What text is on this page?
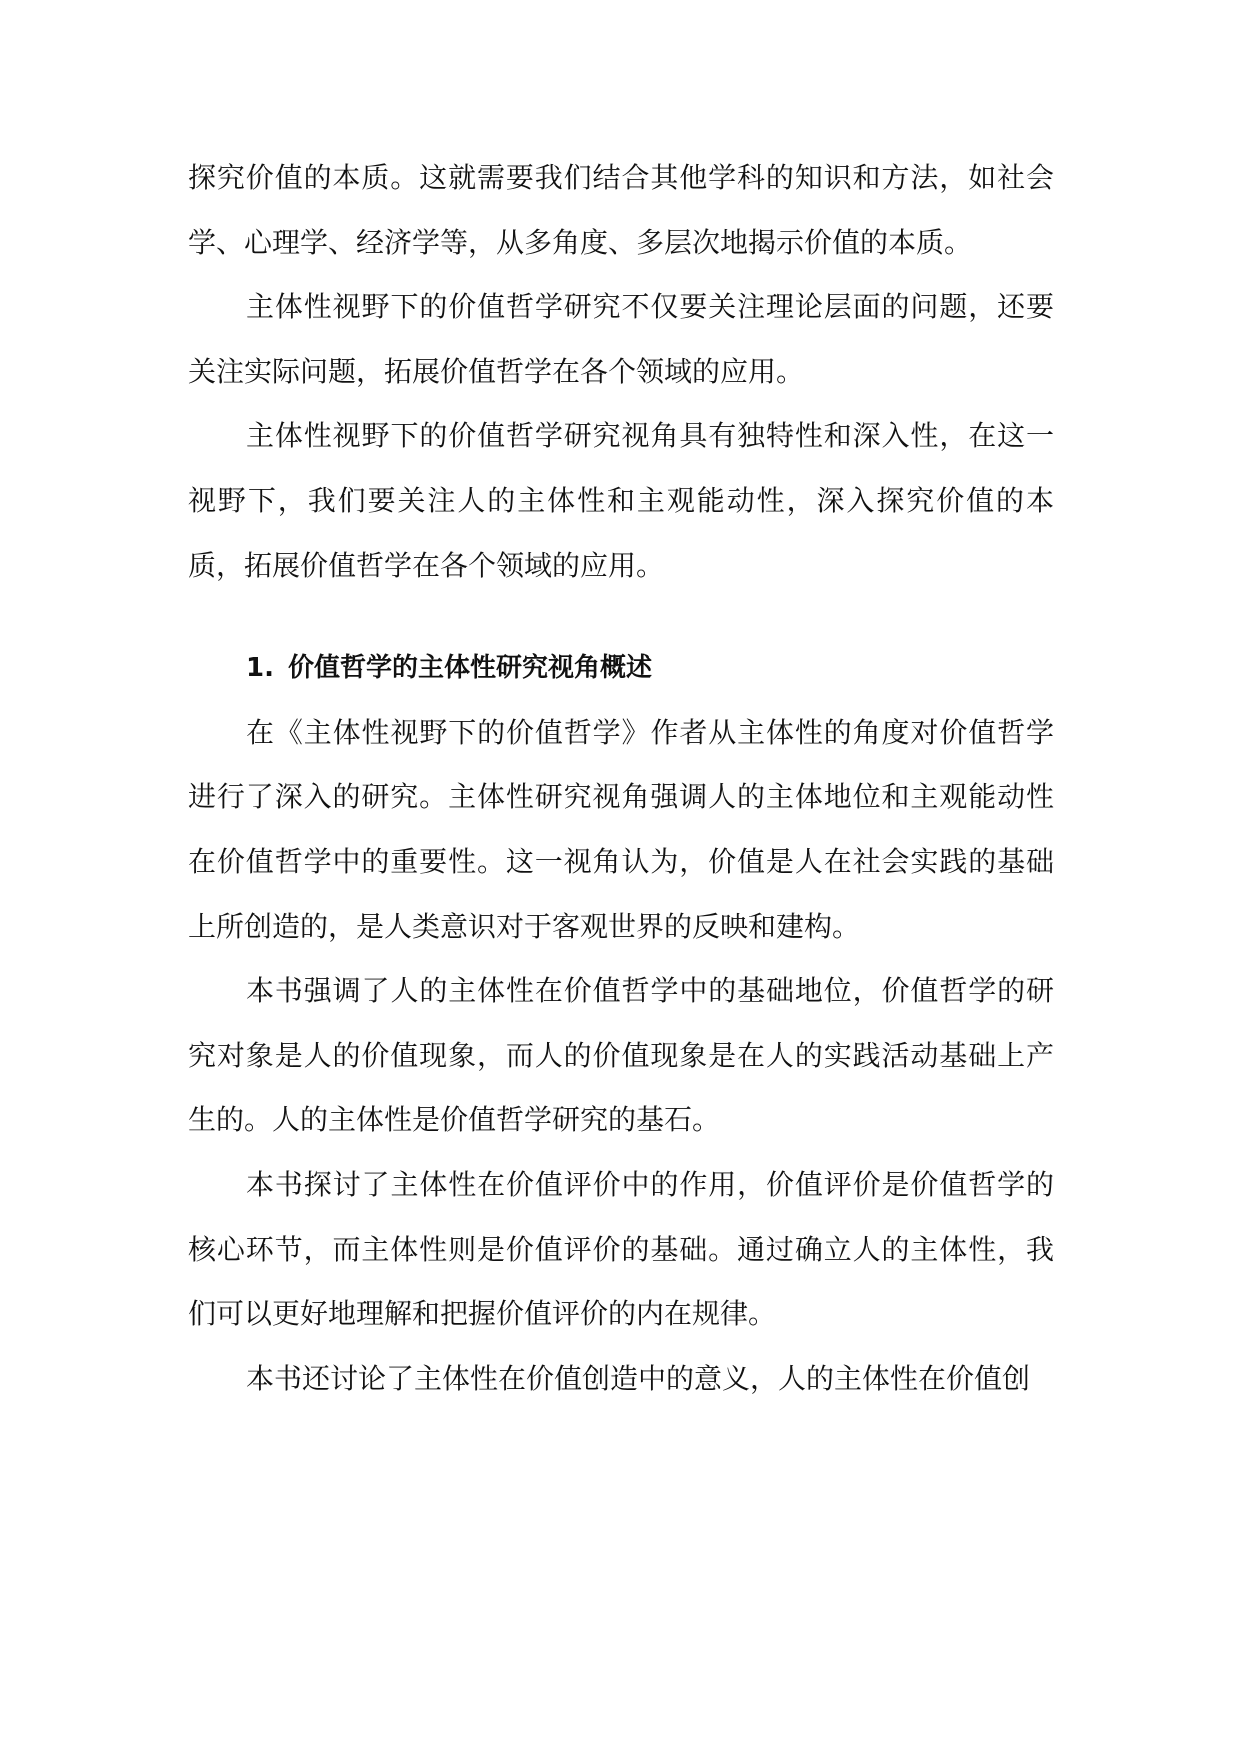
探究价值的本质。这就需要我们结合其他学科的知识和方法，如社会学、心理学、经济学等，从多角度、多层次地揭示价值的本质。

主体性视野下的价值哲学研究不仅要关注理论层面的问题，还要关注实际问题，拓展价值哲学在各个领域的应用。

主体性视野下的价值哲学研究视角具有独特性和深入性，在这一视野下，我们要关注人的主体性和主观能动性，深入探究价值的本质，拓展价值哲学在各个领域的应用。

1. 价值哲学的主体性研究视角概述

在《主体性视野下的价值哲学》作者从主体性的角度对价值哲学进行了深入的研究。主体性研究视角强调人的主体地位和主观能动性在价值哲学中的重要性。这一视角认为，价值是人在社会实践的基础上所创造的，是人类意识对于客观世界的反映和建构。

本书强调了人的主体性在价值哲学中的基础地位，价值哲学的研究对象是人的价值现象，而人的价值现象是在人的实践活动基础上产生的。人的主体性是价值哲学研究的基石。

本书探讨了主体性在价值评价中的作用，价值评价是价值哲学的核心环节，而主体性则是价值评价的基础。通过确立人的主体性，我们可以更好地理解和把握价值评价的内在规律。

本书还讨论了主体性在价值创造中的意义，人的主体性在价值创
